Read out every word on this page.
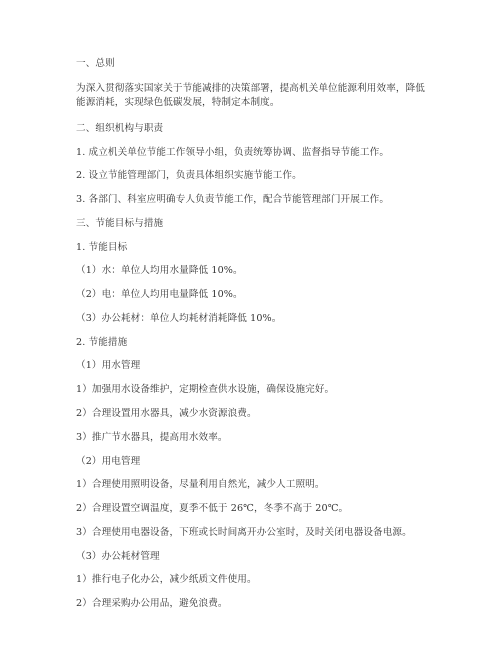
一、总则
为深入贯彻落实国家关于节能减排的决策部署，提高机关单位能源利用效率，降低
能源消耗，实现绿色低碳发展，特制定本制度。
二、组织机构与职责
1. 成立机关单位节能工作领导小组，负责统筹协调、监督指导节能工作。
2. 设立节能管理部门，负责具体组织实施节能工作。
3. 各部门、科室应明确专人负责节能工作，配合节能管理部门开展工作。
三、节能目标与措施
1. 节能目标
（1）水：单位人均用水量降低 10%。
（2）电：单位人均用电量降低 10%。
（3）办公耗材：单位人均耗材消耗降低 10%。
2. 节能措施
（1）用水管理
1）加强用水设备维护，定期检查供水设施，确保设施完好。
2）合理设置用水器具，减少水资源浪费。
3）推广节水器具，提高用水效率。
（2）用电管理
1）合理使用照明设备，尽量利用自然光，减少人工照明。
2）合理设置空调温度，夏季不低于 26℃，冬季不高于 20℃。
3）合理使用电器设备，下班或长时间离开办公室时，及时关闭电器设备电源。
（3）办公耗材管理
1）推行电子化办公，减少纸质文件使用。
2）合理采购办公用品，避免浪费。
